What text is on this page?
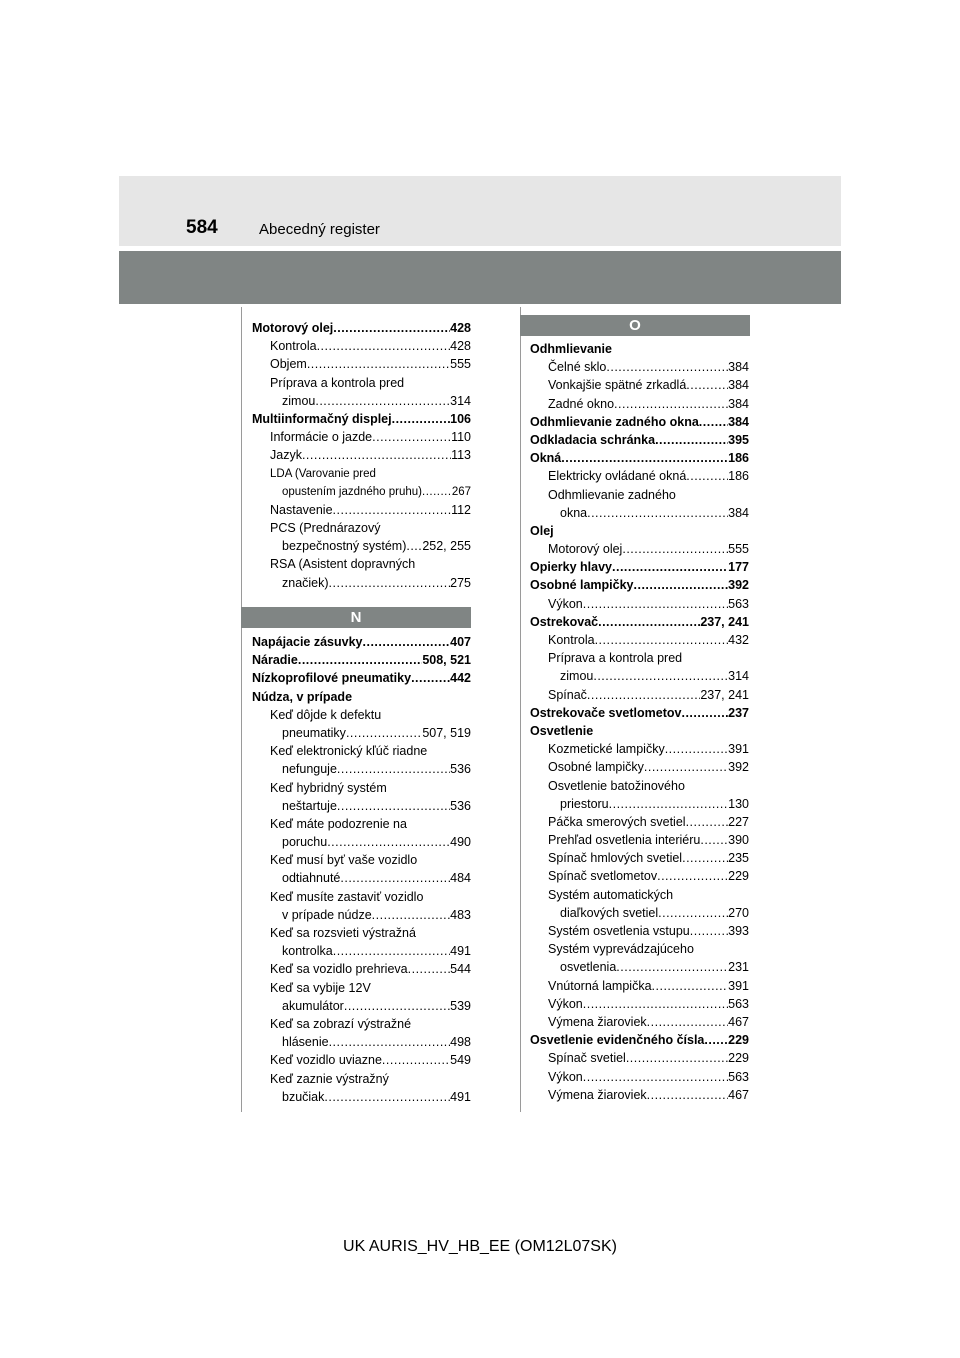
584	Abecedný register
Motorový olej .....	428
Kontrola .....	428
Objem .....	555
Príprava a kontrola pred
zimou .....	314
Multiinformačný displej .....	106
Informácie o jazde .....	110
Jazyk .....	113
LDA (Varovanie pred
opustením jazdného pruhu) .....	267
Nastavenie .....	112
PCS (Prednárazový
bezpečnostný systém) ..... 252, 255
RSA (Asistent dopravných
značiek) .....	275
N
Napájacie zásuvky .....	407
Náradie .....	508, 521
Nízkoprofilové pneumatiky .....	442
Núdza, v prípade
Keď dôjde k defektu
pneumatiky .....	507, 519
Keď elektronický kľúč riadne
nefunguje .....	536
Keď hybridný systém
neštartuje .....	536
Keď máte podozrenie na
poruchu .....	490
Keď musí byť vaše vozidlo
odtiahnuté .....	484
Keď musíte zastaviť vozidlo
v prípade núdze .....	483
Keď sa rozsvieti výstražná
kontrolka .....	491
Keď sa vozidlo prehrieva .....	544
Keď sa vybije 12V
akumulátor .....	539
Keď sa zobrazí výstražné
hlásenie .....	498
Keď vozidlo uviazne .....	549
Keď zaznie výstražný
bzučiak .....	491
O
Odhmlievanie
Čelné sklo .....	384
Vonkajšie spätné zrkadlá .....	384
Zadné okno .....	384
Odhmlievanie zadného okna ..... 384
Odkladacia schránka .....	395
Okná .....	186
Elektricky ovládané okná .....	186
Odhmlievanie zadného
okna .....	384
Olej
Motorový olej .....	555
Opierky hlavy .....	177
Osobné lampičky .....	392
Výkon .....	563
Ostrekovač .....	237, 241
Kontrola .....	432
Príprava a kontrola pred
zimou .....	314
Spínač .....	237, 241
Ostrekovače svetlometov .....	237
Osvetlenie
Kozmetické lampičky .....	391
Osobné lampičky .....	392
Osvetlenie batožinového
priestoru .....	130
Páčka smerových svetiel .....	227
Prehľad osvetlenia interiéru ..... 390
Spínač hmlových svetiel .....	235
Spínač svetlometov .....	229
Systém automatických
diaľkových svetiel .....	270
Systém osvetlenia vstupu .....	393
Systém vyprevádzajúceho
osvetlenia .....	231
Vnútorná lampička .....	391
Výkon .....	563
Výmena žiaroviek .....	467
Osvetlenie evidenčného čísla ..... 229
Spínač svetiel .....	229
Výkon .....	563
Výmena žiaroviek .....	467
UK AURIS_HV_HB_EE (OM12L07SK)
